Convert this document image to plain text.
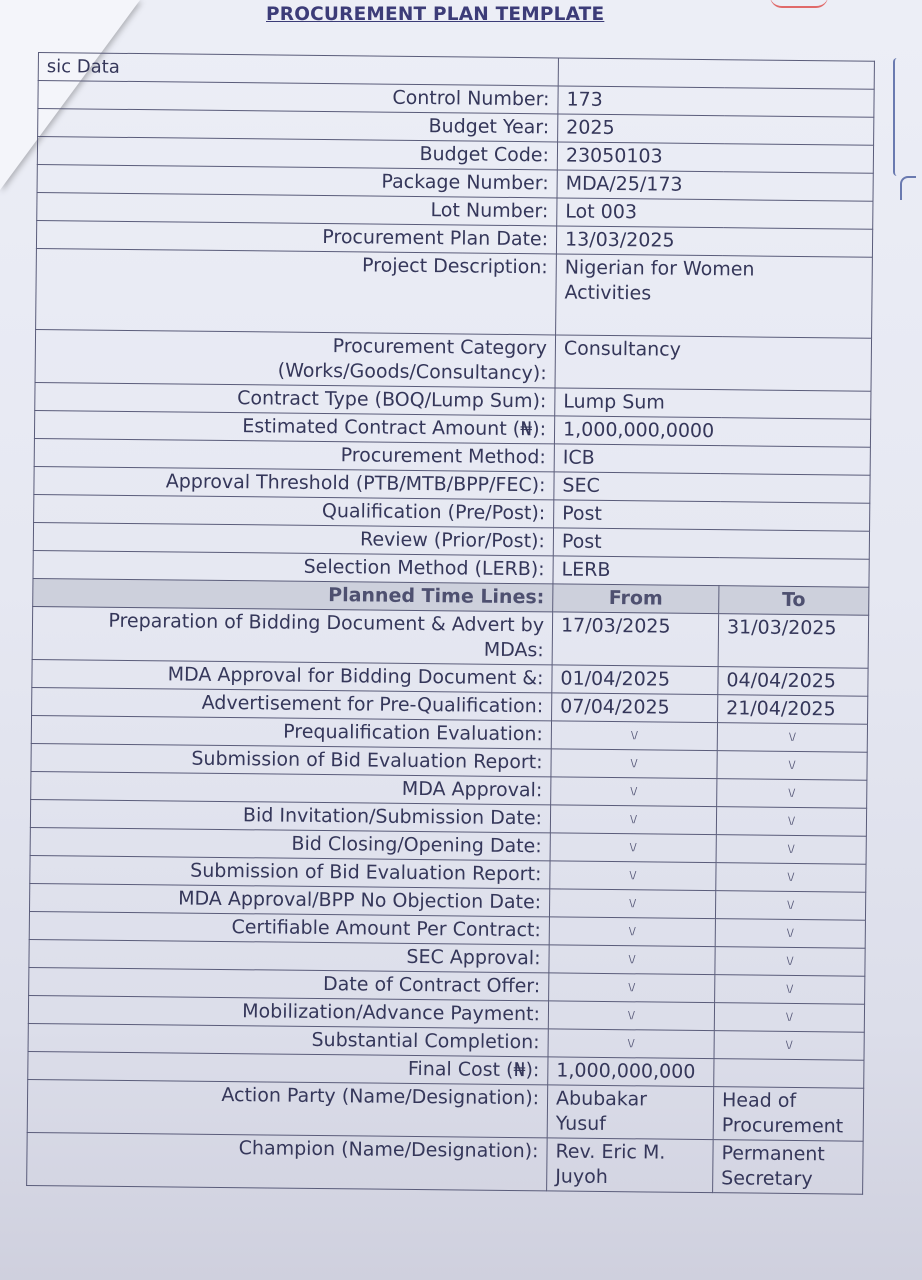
PROCUREMENT PLAN TEMPLATE
sic Data		
Control Number:	173	
Budget Year:	2025	
Budget Code:	23050103	
Package Number:	MDA/25/173	
Lot Number:	Lot 003	
Procurement Plan Date:	13/03/2025	
Project Description:	Nigerian for Women Activities	
Procurement Category (Works/Goods/Consultancy):	Consultancy	
Contract Type (BOQ/Lump Sum):	Lump Sum	
Estimated Contract Amount (₦):	1,000,000,0000	
Procurement Method:	ICB	
Approval Threshold (PTB/MTB/BPP/FEC):	SEC	
Qualification (Pre/Post):	Post	
Review (Prior/Post):	Post	
Selection Method (LERB):	LERB	
Planned Time Lines:	From	To
Preparation of Bidding Document & Advert by MDAs:	17/03/2025	31/03/2025
MDA Approval for Bidding Document &:	01/04/2025	04/04/2025
Advertisement for Pre-Qualification:	07/04/2025	21/04/2025
Prequalification Evaluation:	\/	\/
Submission of Bid Evaluation Report:	\/	\/
MDA Approval:	\/	\/
Bid Invitation/Submission Date:	\/	\/
Bid Closing/Opening Date:	\/	\/
Submission of Bid Evaluation Report:	\/	\/
MDA Approval/BPP No Objection Date:	\/	\/
Certifiable Amount Per Contract:	\/	\/
SEC Approval:	\/	\/
Date of Contract Offer:	\/	\/
Mobilization/Advance Payment:	\/	\/
Substantial Completion:	\/	\/
Final Cost (₦):	1,000,000,000	
Action Party (Name/Designation):	Abubakar Yusuf	Head of Procurement
Champion (Name/Designation):	Rev. Eric M. Juyoh	Permanent Secretary
